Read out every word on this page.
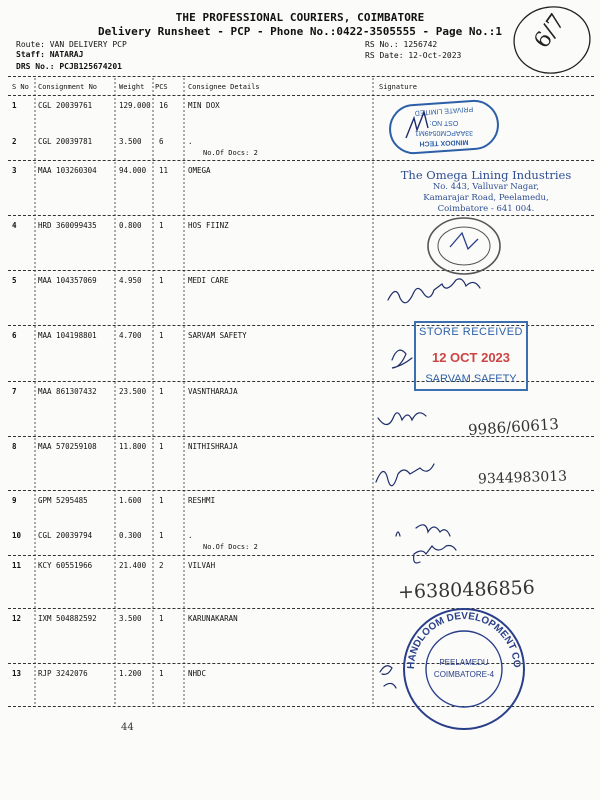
THE PROFESSIONAL COURIERS, COIMBATORE
Delivery Runsheet - PCP - Phone No.:0422-3505555 - Page No.:1
Route: VAN DELIVERY PCP
Staff: NATARAJ
DRS No.: PCJB125674201
RS No.: 1256742
RS Date: 12-Oct-2023
6/7
S No Consignment No	Weight PCS	Consignee Details	Signature
1	CGL 20039761	129.000 16	MIN DOX
2	CGL 20039781	3.500 6	.
No.Of Docs: 2
3	MAA 103260304	94.000 11	OMEGA
4	HRD 360099435	0.800 1	HOS FIINZ
5	MAA 104357069	4.950 1	MEDI CARE
6	MAA 104198801	4.700 1	SARVAM SAFETY
7	MAA 861307432	23.500 1	VASNTHARAJA
8	MAA 570259108	11.800 1	NITHISHRAJA
9	GPM 5295485	1.600 1	RESHMI
10 CGL 20039794	0.300 1	.
No.Of Docs: 2
11 KCY 60551966	21.400 2	VILVAH
12 IXM 504882592	3.500 1	KARUNAKARAN
13 RJP 3242076	1.200 1	NHDC
PRIVATE LIMITED
OST NO:
33AAPCM0549M1
MINDOX TECH
The Omega Lining Industries
No. 443, Valluvar Nagar,
Kamarajar Road, Peelamedu,
Coimbatore - 641 004.
STORE RECEIVED
12 OCT 2023
SARVAM SAFETY
HANDLOOM DEVELOPMENT CORPN LTD
PEELAMEDU
COIMBATORE-4
9986/60613
9344983013
+6380486856
44
